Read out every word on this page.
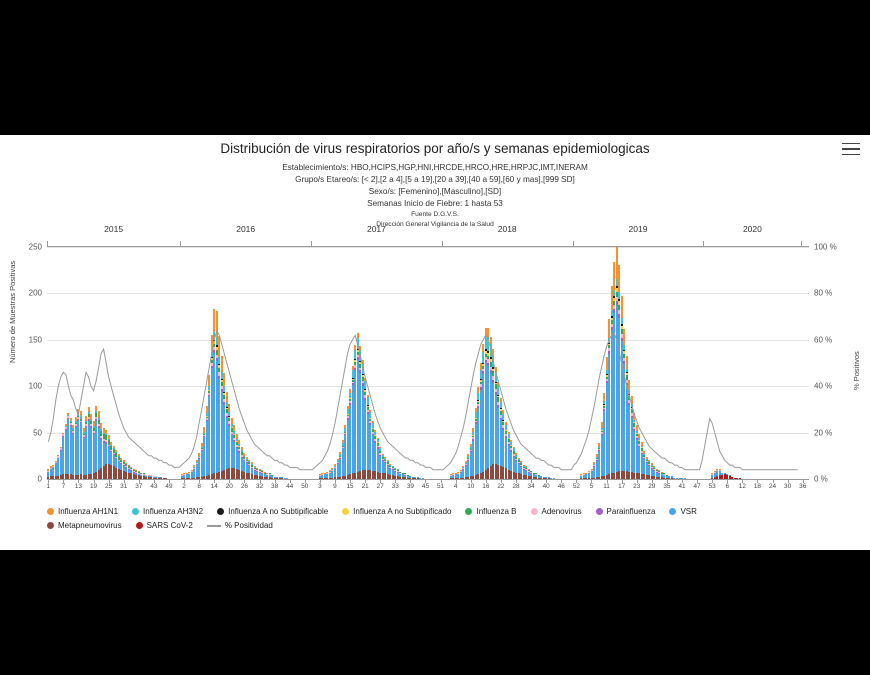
Distribución de virus respiratorios por año/s y semanas epidemiologicas
Establecimiento/s: HBO,HCIPS,HGP,HNI,HRCDE,HRCO,HRE,HRPJC,IMT,INERAM
Grupo/s Etareo/s: [< 2],[2 a 4],[5 a 19],[20 a 39],[40 a 59],[60 y mas],[999 SD]
Sexo/s: [Femenino],[Masculino],[SD]
Semanas Inicio de Fiebre: 1 hasta 53
Fuente D.G.V.S.
Dirección General Vigilancia de la Salud
Número de Muestras Positivas
% Positivos
2015	2016	2017	2018	2019	2020
0	0 %
50	20 %
100	40 %
150	60 %
200	80 %
250	100 %
1 7 13 19 25 31 37 43 49 2 8 14 20 26 32 38 44 50 3 9 15 21 27 33 39 45 51 4 10 16 22 28 34 40 46 52 5 11 17 23 29 35 41 47 53 6 12 18 24 30 36
Influenza AH1N1	Influenza AH3N2	Influenza A no Subtipificable	Influenza A no Subtipificado	Influenza B	Adenovirus	Parainfluenza	VSR
Metapneumovirus	SARS CoV-2	% Positividad
